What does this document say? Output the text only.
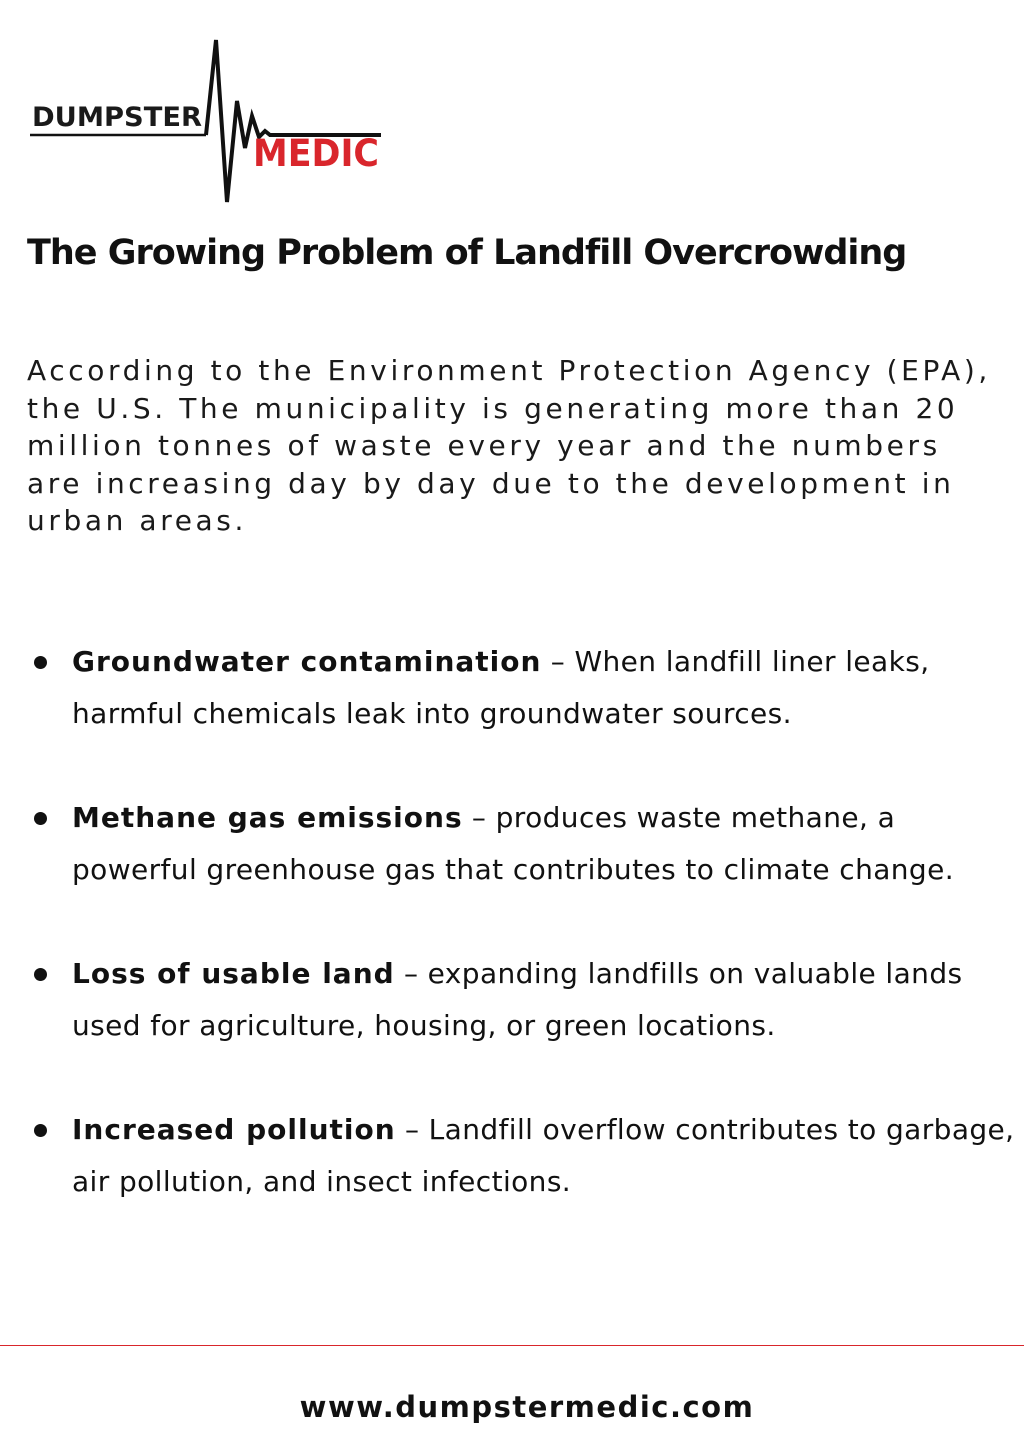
DUMPSTER
MEDIC
The Growing Problem of Landfill Overcrowding

According to the Environment Protection Agency (EPA), the U.S. The municipality is generating more than 20 million tonnes of waste every year and the numbers are increasing day by day due to the development in urban areas.

Groundwater contamination – When landfill liner leaks, harmful chemicals leak into groundwater sources.
Methane gas emissions – produces waste methane, a powerful greenhouse gas that contributes to climate change.
Loss of usable land – expanding landfills on valuable lands used for agriculture, housing, or green locations.
Increased pollution – Landfill overflow contributes to garbage, air pollution, and insect infections.
www.dumpstermedic.com
